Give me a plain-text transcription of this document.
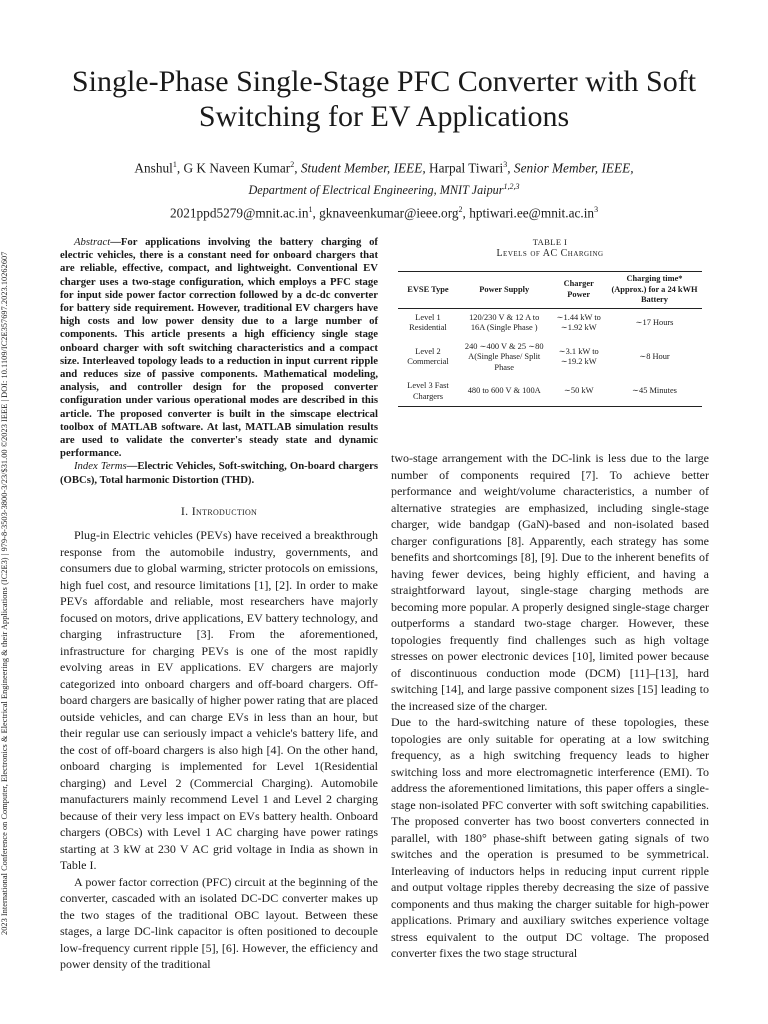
2023 International Conference on Computer, Electronics & Electrical Engineering & their Applications (IC2E3) | 979-8-3503-3800-3/23/$31.00 ©2023 IEEE | DOI: 10.1109/IC2E357697.2023.10262607
Single-Phase Single-Stage PFC Converter with Soft
Switching for EV Applications
Anshul$^1$, G K Naveen Kumar$^2$, Student Member, IEEE, Harpal Tiwari$^3$, Senior Member, IEEE,
Department of Electrical Engineering, MNIT Jaipur$^{1,2,3}$
$2021ppd5279@mnit.ac.in^1$, gknaveenkumar@ieee.org$^2$, $hptiwari.ee@mnit.ac.in^3$

Abstract—For applications involving the battery charging of electric vehicles, there is a constant need for onboard chargers that are reliable, effective, compact, and lightweight. Conventional EV charger uses a two-stage configuration, which employs a PFC stage for input side power factor correction followed by a dc-dc converter for battery side requirement. However, traditional EV chargers have high costs and low power density due to a large number of components. This article presents a high efficiency single stage onboard charger with soft switching characteristics and a compact size. Interleaved topology leads to a reduction in input current ripple and reduces size of passive components. Mathematical modeling, analysis, and controller design for the proposed converter configuration under various operational modes are described in this article. The proposed converter is built in the simscape electrical toolbox of MATLAB software. At last, MATLAB simulation results are used to validate the converter's steady state and dynamic performance.

Index Terms—Electric Vehicles, Soft-switching, On-board chargers (OBCs), Total harmonic Distortion (THD).

I. Introduction

Plug-in Electric vehicles (PEVs) have received a breakthrough response from the automobile industry, governments, and consumers due to global warming, stricter protocols on emissions, high fuel cost, and resource limitations [1], [2]. In order to make PEVs affordable and reliable, most researchers have majorly focused on motors, drive applications, EV battery technology, and charging infrastructure [3]. From the aforementioned, infrastructure for charging PEVs is one of the most rapidly evolving areas in EV applications. EV chargers are majorly categorized into onboard chargers and off-board chargers. Off-board chargers are basically of higher power rating that are placed outside vehicles, and can charge EVs in less than an hour, but their regular use can seriously impact a vehicle's battery life, and the cost of off-board chargers is also high [4]. On the other hand, onboard charging is implemented for Level 1(Residential charging) and Level 2 (Commercial Charging). Automobile manufacturers mainly recommend Level 1 and Level 2 charging because of their very less impact on EVs battery health. Onboard chargers (OBCs) with Level 1 AC charging have power ratings starting at 3 kW at 230 V AC grid voltage in India as shown in Table I.

A power factor correction (PFC) circuit at the beginning of the converter, cascaded with an isolated DC-DC converter makes up the two stages of the traditional OBC layout. Between these stages, a large DC-link capacitor is often positioned to decouple low-frequency current ripple [5], [6]. However, the efficiency and power density of the traditional

TABLE I
Levels of AC Charging
EVSE Type	Power Supply	Charger Power	Charging time* (Approx.) for a 24 kWH Battery
Level 1 Residential	120/230 V & 12 A to 16A (Single Phase )	∼1.44 kW to ∼1.92 kW	∼17 Hours
Level 2 Commercial	240 ∼400 V & 25 ∼80 A(Single Phase/ Split Phase	∼3.1 kW to ∼19.2 kW	∼8 Hour
Level 3 Fast Chargers	480 to 600 V & 100A	∼50 kW	∼45 Minutes

two-stage arrangement with the DC-link is less due to the large number of components required [7]. To achieve better performance and weight/volume characteristics, a number of alternative strategies are emphasized, including single-stage charger, wide bandgap (GaN)-based and non-isolated based charger configurations [8]. Apparently, each strategy has some benefits and shortcomings [8], [9]. Due to the inherent benefits of having fewer devices, being highly efficient, and having a straightforward layout, single-stage charging methods are becoming more popular. A properly designed single-stage charger outperforms a standard two-stage charger. However, these topologies frequently find challenges such as high voltage stresses on power electronic devices [10], limited power because of discontinuous conduction mode (DCM) [11]–[13], hard switching [14], and large passive component sizes [15] leading to the increased size of the charger.

Due to the hard-switching nature of these topologies, these topologies are only suitable for operating at a low switching frequency, as a high switching frequency leads to higher switching loss and more electromagnetic interference (EMI). To address the aforementioned limitations, this paper offers a single-stage non-isolated PFC converter with soft switching capabilities. The proposed converter has two boost converters connected in parallel, with 180° phase-shift between gating signals of two switches and the operation is presumed to be symmetrical. Interleaving of inductors helps in reducing input current ripple and output voltage ripples thereby decreasing the size of passive components and thus making the charger suitable for high-power applications. Primary and auxiliary switches experience voltage stress equivalent to the output DC voltage. The proposed converter fixes the two stage structural
